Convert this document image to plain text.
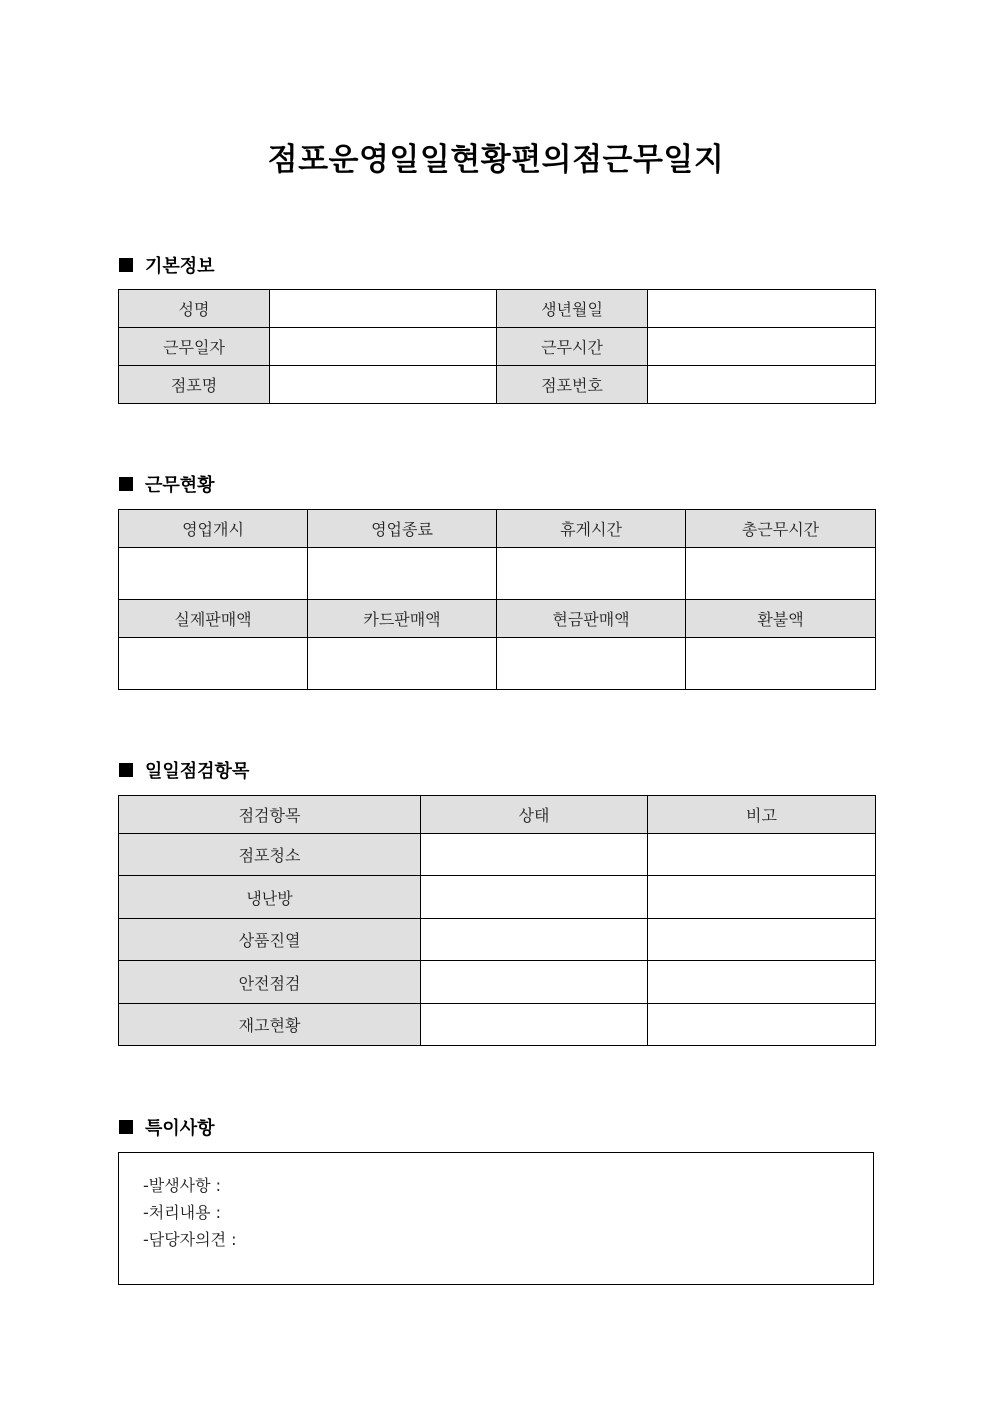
점포운영일일현황편의점근무일지
기본정보
성명		생년월일	
근무일자		근무시간	
점포명		점포번호	
근무현황
영업개시	영업종료	휴게시간	총근무시간

실제판매액	카드판매액	현금판매액	환불액

일일점검항목
점검항목	상태	비고
점포청소		
냉난방		
상품진열		
안전점검		
재고현황		
특이사항
-발생사항 :
-처리내용 :
-담당자의견 :
